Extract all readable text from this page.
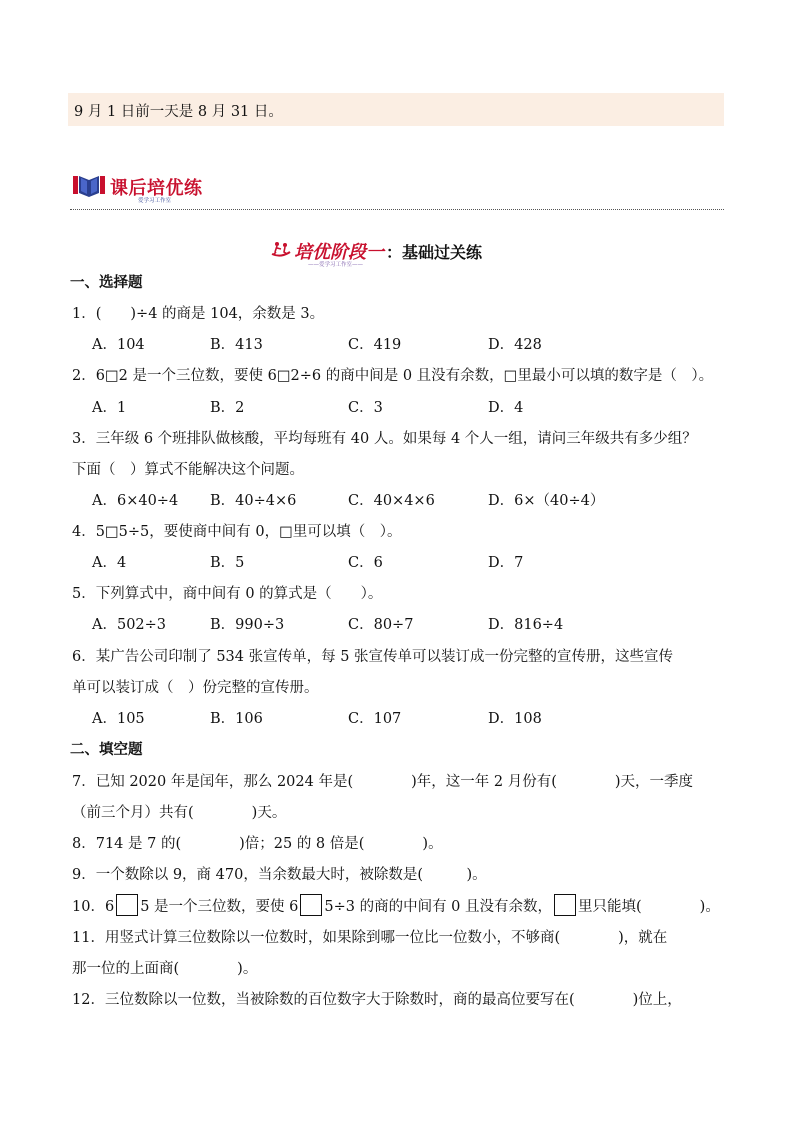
9 月 1 日前一天是 8 月 31 日。
课后培优练
爱学习工作室
培优阶段一 ：基础过关练
——爱学习工作室——
一、选择题
1．(　　)÷4 的商是 104，余数是 3。
A．104	B．413	C．419	D．428
2．6□2 是一个三位数，要使 6□2÷6 的商中间是 0 且没有余数，□里最小可以填的数字是（　）。
A．1	B．2	C．3	D．4
3．三年级 6 个班排队做核酸，平均每班有 40 人。如果每 4 个人一组，请问三年级共有多少组？
下面（　）算式不能解决这个问题。
A．6×40÷4 B．40÷4×6	C．40×4×6	D．6×（40÷4）
4．5□5÷5，要使商中间有 0，□里可以填（　）。
A．4	B．5	C．6	D．7
5．下列算式中，商中间有 0 的算式是（　　）。
A．502÷3	B．990÷3	C．80÷7	D．816÷4
6．某广告公司印制了 534 张宣传单，每 5 张宣传单可以装订成一份完整的宣传册，这些宣传
单可以装订成（　）份完整的宣传册。
A．105	B．106	C．107	D．108
二、填空题
7．已知 2020 年是闰年，那么 2024 年是(　　　　)年，这一年 2 月份有(　　　　)天，一季度
（前三个月）共有(　　　　)天。
8．714 是 7 的(　　　　)倍；25 的 8 倍是(　　　　)。
9．一个数除以 9，商 470，当余数最大时，被除数是(　　　)。
10．6 5 是一个三位数，要使 6 5÷3 的商的中间有 0 且没有余数， 里只能填(　　　　)。
11．用竖式计算三位数除以一位数时，如果除到哪一位比一位数小，不够商(　　　　)，就在
那一位的上面商(　　　　)。
12．三位数除以一位数，当被除数的百位数字大于除数时，商的最高位要写在(　　　　)位上，
